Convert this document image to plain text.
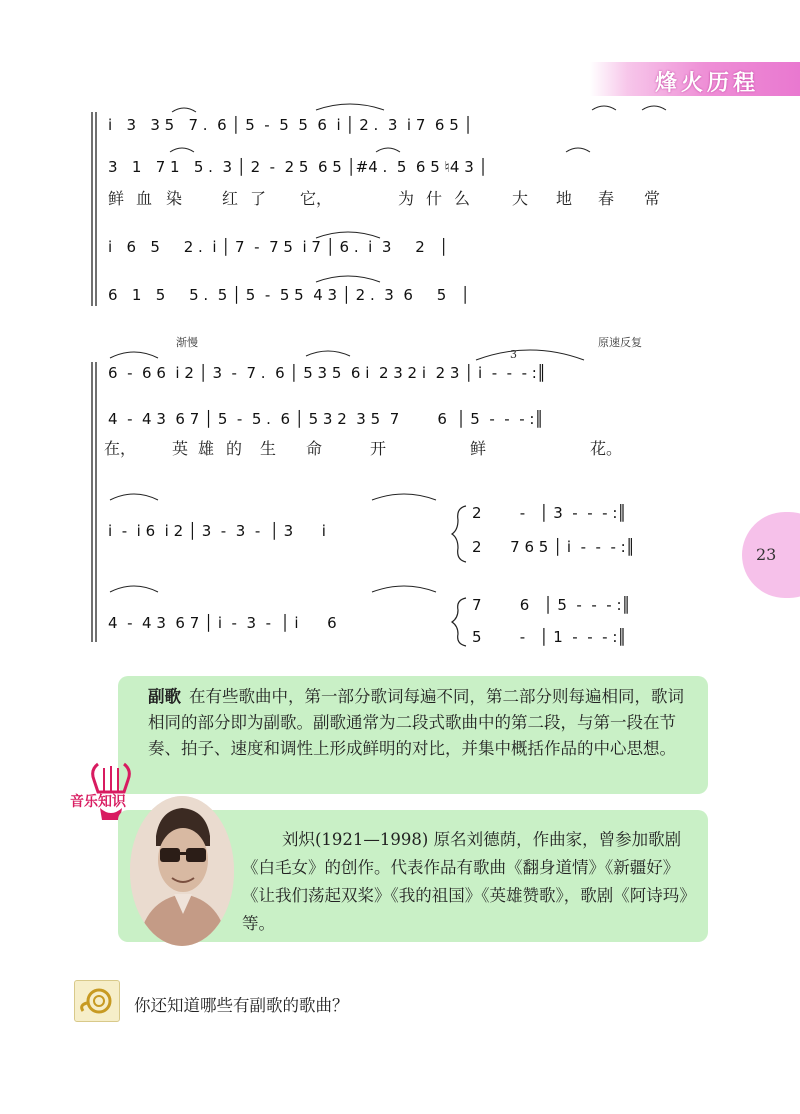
烽火历程
23
i   3   3 5   7 .  6 │ 5  -  5  5  6  i │ 2 .  3  i 7  6 5 │
3   1   7 1   5 .  3 │ 2  -  2 5  6 5 │#4 .  5  6 5 ♮4 3 │
鲜 血 染 红 了 它，	为 什 么	大 地 春 常
i   6   5     2 .  i │ 7  -  7 5  i 7 │ 6 .  i  3     2   │
6   1   5     5 .  5 │ 5  -  5 5  4 3 │ 2 .  3  6     5   │
渐慢	原速反复
6  -  6 6  i 2 │ 3  -  7 .  6 │ 5 3 5  6 i  2 3 2 i  2 3 │ i  -  -  - :║
3
4  -  4 3  6 7 │ 5  -  5 .  6 │ 5 3 2  3 5  7        6  │ 5  -  -  - :║
在， 英 雄 的 生 命	开	鲜	花。
i  -  i 6  i 2 │ 3  -  3  -  │ 3      i
2        -   │ 3  -  -  - :║
2      7 6 5 │ i  -  -  - :║
4  -  4 3  6 7 │ i  -  3  -  │ i      6
7        6   │ 5  -  -  - :║
5        -   │ 1  -  -  - :║
副歌 在有些歌曲中，第一部分歌词每遍不同，第二部分则每遍相同，歌词相同的部分即为副歌。副歌通常为二段式歌曲中的第二段，与第一段在节奏、拍子、速度和调性上形成鲜明的对比，并集中概括作品的中心思想。
音乐知识
刘炽(1921—1998) 原名刘德荫，作曲家，曾参加歌剧《白毛女》的创作。代表作品有歌曲《翻身道情》《新疆好》《让我们荡起双桨》《我的祖国》《英雄赞歌》，歌剧《阿诗玛》等。
你还知道哪些有副歌的歌曲？
